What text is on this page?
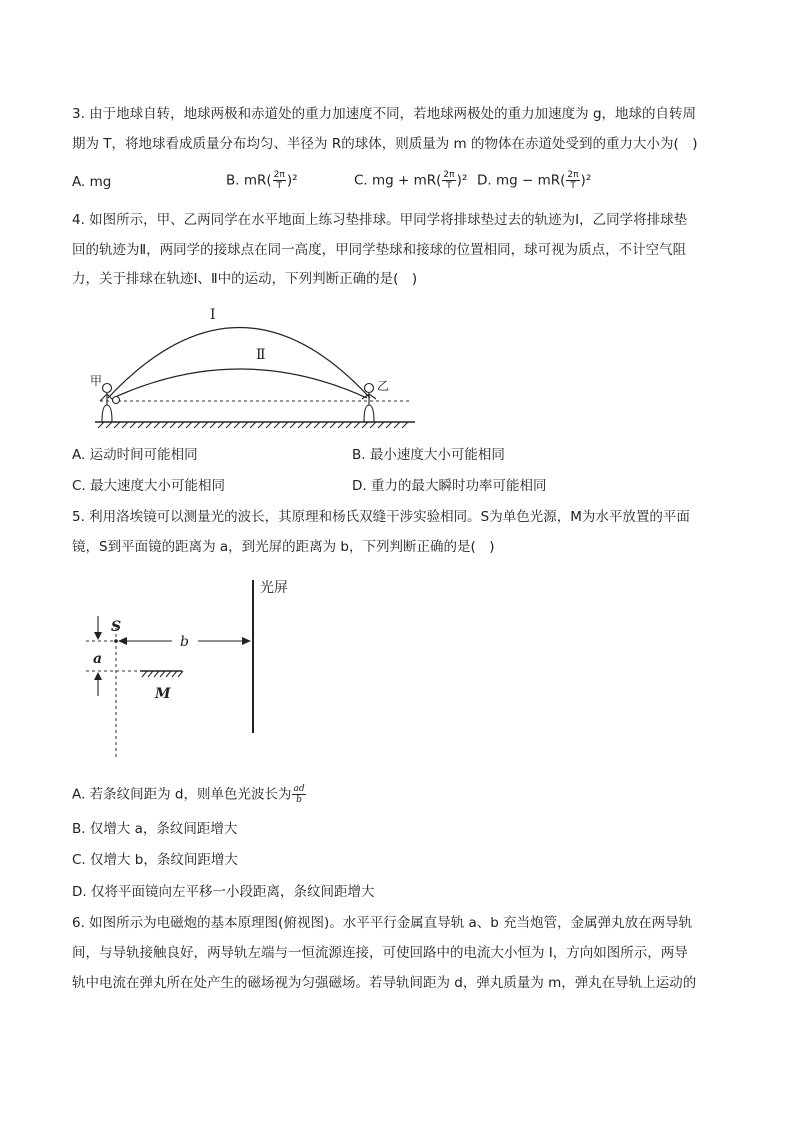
3. 由于地球自转，地球两极和赤道处的重力加速度不同，若地球两极处的重力加速度为 g，地球的自转周
期为 T，将地球看成质量分布均匀、半径为 R的球体，则质量为 m 的物体在赤道处受到的重力大小为(　)
A. mg	B. $mR( \frac{2\pi}{T} )^2$	C. mg + $mR( \frac{2\pi}{T} )^2$ D. mg − $mR( \frac{2\pi}{T} )^2$
4. 如图所示，甲、乙两同学在水平地面上练习垫排球。甲同学将排球垫过去的轨迹为Ⅰ，乙同学将排球垫
回的轨迹为Ⅱ，两同学的接球点在同一高度，甲同学垫球和接球的位置相同，球可视为质点，不计空气阻
力，关于排球在轨迹Ⅰ、Ⅱ中的运动，下列判断正确的是(　)
Ⅰ
Ⅱ
甲	乙
A. 运动时间可能相同	B. 最小速度大小可能相同
C. 最大速度大小可能相同	D. 重力的最大瞬时功率可能相同
5. 利用洛埃镜可以测量光的波长，其原理和杨氏双缝干涉实验相同。S为单色光源，M为水平放置的平面
镜，S到平面镜的距离为 a，到光屏的距离为 b，下列判断正确的是(　)
光屏
S
a
b
M
A. 若条纹间距为 d，则单色光波长为 $\frac{ad}{b}$
B. 仅增大 a，条纹间距增大
C. 仅增大 b，条纹间距增大
D. 仅将平面镜向左平移一小段距离，条纹间距增大
6. 如图所示为电磁炮的基本原理图(俯视图)。水平平行金属直导轨 a、b 充当炮管，金属弹丸放在两导轨
间，与导轨接触良好，两导轨左端与一恒流源连接，可使回路中的电流大小恒为 I，方向如图所示，两导
轨中电流在弹丸所在处产生的磁场视为匀强磁场。若导轨间距为 d，弹丸质量为 m，弹丸在导轨上运动的
